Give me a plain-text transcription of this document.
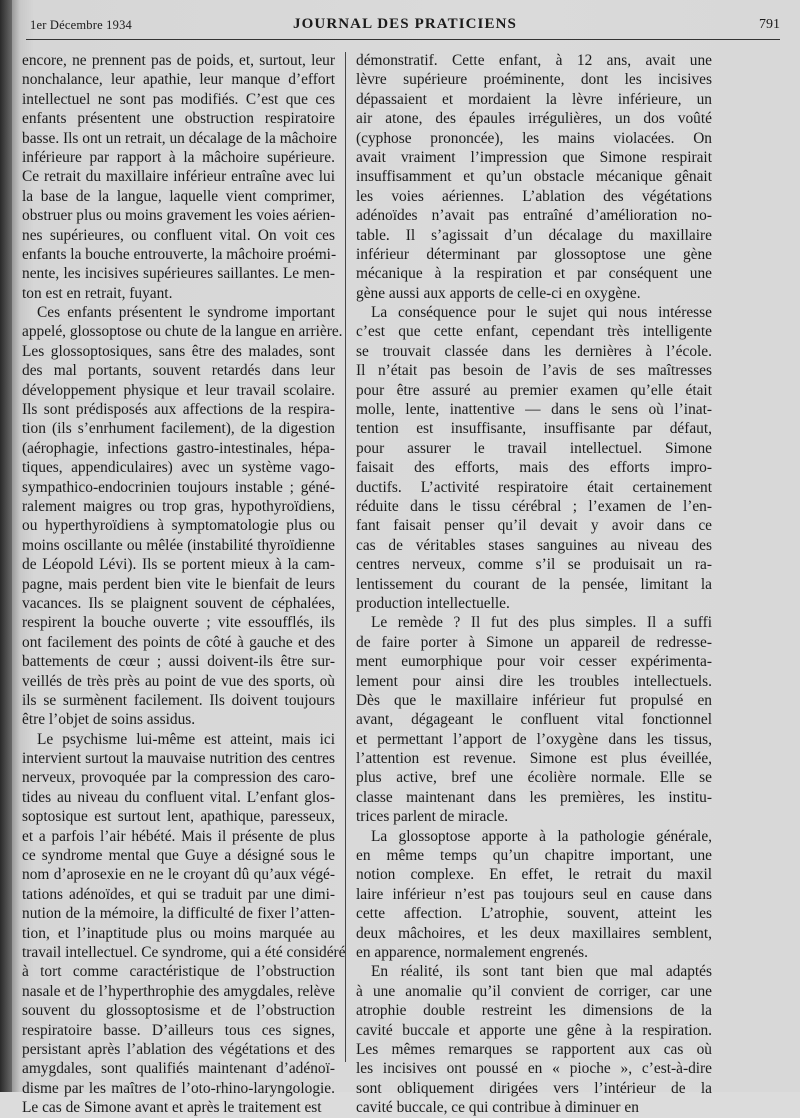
1er Décembre 1934	JOURNAL DES PRATICIENS	791
encore, ne prennent pas de poids, et, surtout, leur
nonchalance, leur apathie, leur manque d’effort
intellectuel ne sont pas modifiés. C’est que ces
enfants présentent une obstruction respiratoire
basse. Ils ont un retrait, un décalage de la mâchoire
inférieure par rapport à la mâchoire supérieure.
Ce retrait du maxillaire inférieur entraîne avec lui
la base de la langue, laquelle vient comprimer,
obstruer plus ou moins gravement les voies aérien-
nes supérieures, ou confluent vital. On voit ces
enfants la bouche entrouverte, la mâchoire proémi-
nente, les incisives supérieures saillantes. Le men-
ton est en retrait, fuyant.
Ces enfants présentent le syndrome important
appelé, glossoptose ou chute de la langue en arrière.
Les glossoptosiques, sans être des malades, sont
des mal portants, souvent retardés dans leur
développement physique et leur travail scolaire.
Ils sont prédisposés aux affections de la respira-
tion (ils s’enrhument facilement), de la digestion
(aérophagie, infections gastro-intestinales, hépa-
tiques, appendiculaires) avec un système vago-
sympathico-endocrinien toujours instable ; géné-
ralement maigres ou trop gras, hypothyroïdiens,
ou hyperthyroïdiens à symptomatologie plus ou
moins oscillante ou mêlée (instabilité thyroïdienne
de Léopold Lévi). Ils se portent mieux à la cam-
pagne, mais perdent bien vite le bienfait de leurs
vacances. Ils se plaignent souvent de céphalées,
respirent la bouche ouverte ; vite essoufflés, ils
ont facilement des points de côté à gauche et des
battements de cœur ; aussi doivent-ils être sur-
veillés de très près au point de vue des sports, où
ils se surmènent facilement. Ils doivent toujours
être l’objet de soins assidus.
Le psychisme lui-même est atteint, mais ici
intervient surtout la mauvaise nutrition des centres
nerveux, provoquée par la compression des caro-
tides au niveau du confluent vital. L’enfant glos-
soptosique est surtout lent, apathique, paresseux,
et a parfois l’air hébété. Mais il présente de plus
ce syndrome mental que Guye a désigné sous le
nom d’aprosexie en ne le croyant dû qu’aux végé-
tations adénoïdes, et qui se traduit par une dimi-
nution de la mémoire, la difficulté de fixer l’atten-
tion, et l’inaptitude plus ou moins marquée au
travail intellectuel. Ce syndrome, qui a été considéré
à tort comme caractéristique de l’obstruction
nasale et de l’hyperthrophie des amygdales, relève
souvent du glossoptosisme et de l’obstruction
respiratoire basse. D’ailleurs tous ces signes,
persistant après l’ablation des végétations et des
amygdales, sont qualifiés maintenant d’adénoï-
disme par les maîtres de l’oto-rhino-laryngologie.
Le cas de Simone avant et après le traitement est
démonstratif. Cette enfant, à 12 ans, avait une
lèvre supérieure proéminente, dont les incisives
dépassaient et mordaient la lèvre inférieure, un
air atone, des épaules irrégulières, un dos voûté
(cyphose prononcée), les mains violacées. On
avait vraiment l’impression que Simone respirait
insuffisamment et qu’un obstacle mécanique gênait
les voies aériennes. L’ablation des végétations
adénoïdes n’avait pas entraîné d’amélioration no-
table. Il s’agissait d’un décalage du maxillaire
inférieur déterminant par glossoptose une gène
mécanique à la respiration et par conséquent une
gène aussi aux apports de celle-ci en oxygène.
La conséquence pour le sujet qui nous intéresse
c’est que cette enfant, cependant très intelligente
se trouvait classée dans les dernières à l’école.
Il n’était pas besoin de l’avis de ses maîtresses
pour être assuré au premier examen qu’elle était
molle, lente, inattentive — dans le sens où l’inat-
tention est insuffisante, insuffisante par défaut,
pour assurer le travail intellectuel. Simone
faisait des efforts, mais des efforts impro-
ductifs. L’activité respiratoire était certainement
réduite dans le tissu cérébral ; l’examen de l’en-
fant faisait penser qu’il devait y avoir dans ce
cas de véritables stases sanguines au niveau des
centres nerveux, comme s’il se produisait un ra-
lentissement du courant de la pensée, limitant la
production intellectuelle.
Le remède ? Il fut des plus simples. Il a suffi
de faire porter à Simone un appareil de redresse-
ment eumorphique pour voir cesser expérimenta-
lement pour ainsi dire les troubles intellectuels.
Dès que le maxillaire inférieur fut propulsé en
avant, dégageant le confluent vital fonctionnel
et permettant l’apport de l’oxygène dans les tissus,
l’attention est revenue. Simone est plus éveillée,
plus active, bref une écolière normale. Elle se
classe maintenant dans les premières, les institu-
trices parlent de miracle.
La glossoptose apporte à la pathologie générale,
en même temps qu’un chapitre important, une
notion complexe. En effet, le retrait du maxil
laire inférieur n’est pas toujours seul en cause dans
cette affection. L’atrophie, souvent, atteint les
deux mâchoires, et les deux maxillaires semblent,
en apparence, normalement engrenés.
En réalité, ils sont tant bien que mal adaptés
à une anomalie qu’il convient de corriger, car une
atrophie double restreint les dimensions de la
cavité buccale et apporte une gêne à la respiration.
Les mêmes remarques se rapportent aux cas où
les incisives ont poussé en « pioche », c’est-à-dire
sont obliquement dirigées vers l’intérieur de la
cavité buccale, ce qui contribue à diminuer en
